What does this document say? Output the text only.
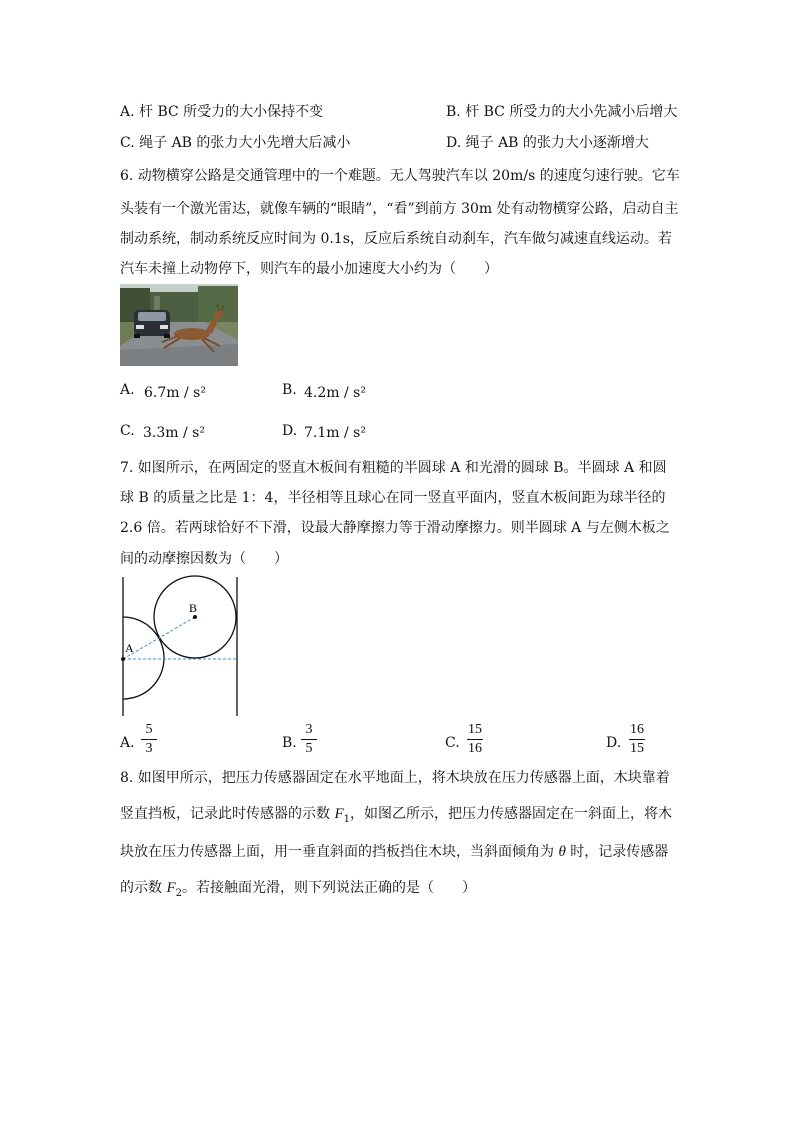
A. 杆 BC 所受力的大小保持不变	B. 杆 BC 所受力的大小先减小后增大
C. 绳子 AB 的张力大小先增大后减小	D. 绳子 AB 的张力大小逐渐增大
6. 动物横穿公路是交通管理中的一个难题。无人驾驶汽车以 20m/s 的速度匀速行驶。它车
头装有一个激光雷达，就像车辆的“眼睛”，“看”到前方 30m 处有动物横穿公路，启动自主
制动系统，制动系统反应时间为 0.1s，反应后系统自动刹车，汽车做匀减速直线运动。若
汽车未撞上动物停下，则汽车的最小加速度大小约为（　　）
A. 6.7m / s²	B. 4.2m / s²
C. 3.3m / s²	D. 7.1m / s²
7. 如图所示，在两固定的竖直木板间有粗糙的半圆球 A 和光滑的圆球 B。半圆球 A 和圆
球 B 的质量之比是 1：4，半径相等且球心在同一竖直平面内，竖直木板间距为球半径的
2.6 倍。若两球恰好不下滑，设最大静摩擦力等于滑动摩擦力。则半圆球 A 与左侧木板之
间的动摩擦因数为（　　）
A
B
A.
5
3	B.
3
5	C.
15
16	D.
16
15
8. 如图甲所示，把压力传感器固定在水平地面上，将木块放在压力传感器上面，木块靠着
竖直挡板，记录此时传感器的示数 $F_1$，如图乙所示，把压力传感器固定在一斜面上，将木
块放在压力传感器上面，用一垂直斜面的挡板挡住木块，当斜面倾角为 θ 时，记录传感器
的示数 $F_2$。若接触面光滑，则下列说法正确的是（　　）
